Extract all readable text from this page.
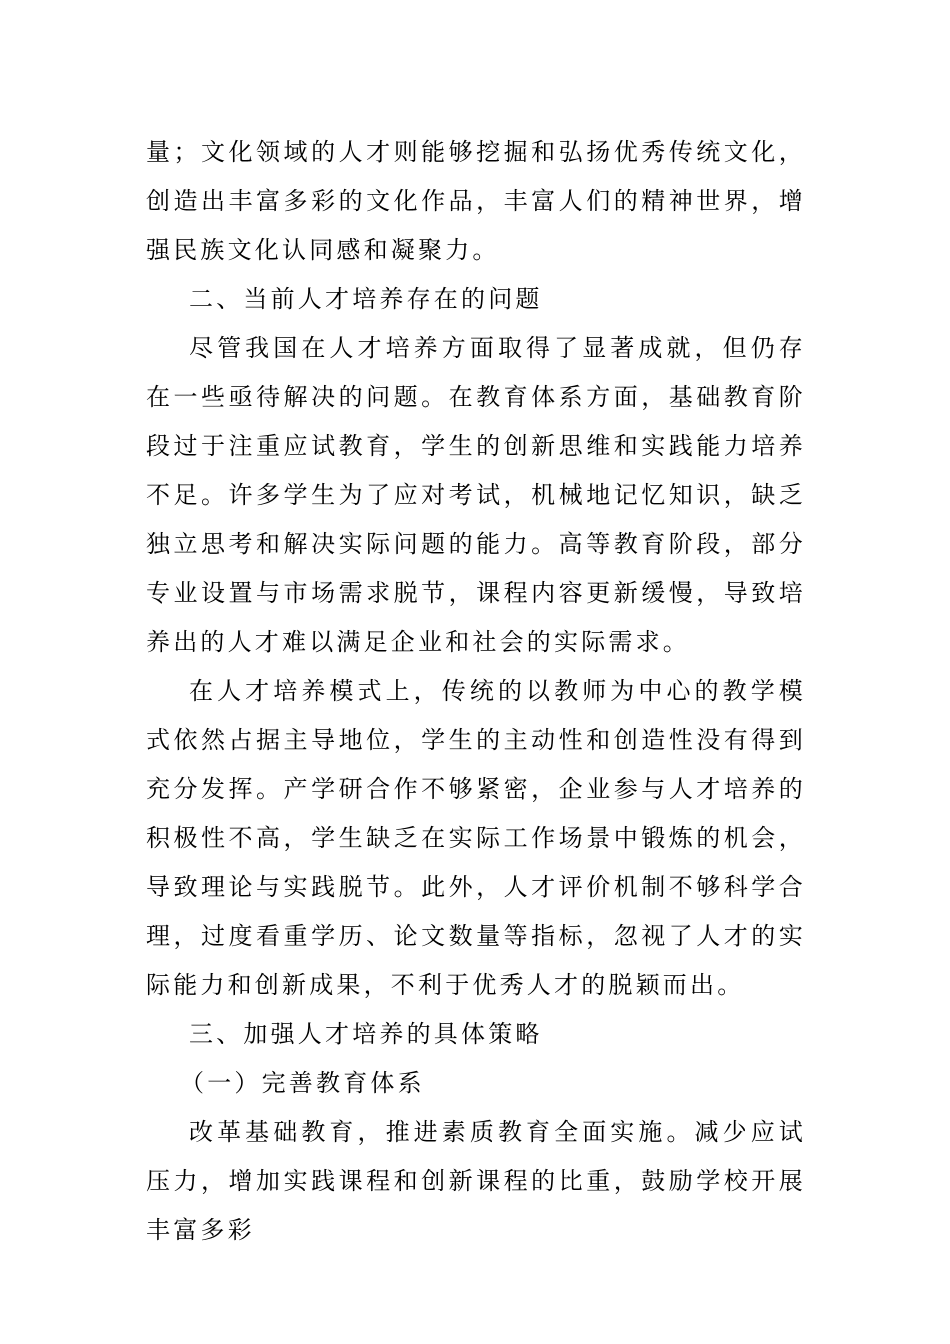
量；文化领域的人才则能够挖掘和弘扬优秀传统文化，创造出丰富多彩的文化作品，丰富人们的精神世界，增强民族文化认同感和凝聚力。

二、当前人才培养存在的问题

尽管我国在人才培养方面取得了显著成就，但仍存在一些亟待解决的问题。在教育体系方面，基础教育阶段过于注重应试教育，学生的创新思维和实践能力培养不足。许多学生为了应对考试，机械地记忆知识，缺乏独立思考和解决实际问题的能力。高等教育阶段，部分专业设置与市场需求脱节，课程内容更新缓慢，导致培养出的人才难以满足企业和社会的实际需求。

在人才培养模式上，传统的以教师为中心的教学模式依然占据主导地位，学生的主动性和创造性没有得到充分发挥。产学研合作不够紧密，企业参与人才培养的积极性不高，学生缺乏在实际工作场景中锻炼的机会，导致理论与实践脱节。此外，人才评价机制不够科学合理，过度看重学历、论文数量等指标，忽视了人才的实际能力和创新成果，不利于优秀人才的脱颖而出。

三、加强人才培养的具体策略

（一）完善教育体系

改革基础教育，推进素质教育全面实施。减少应试压力，增加实践课程和创新课程的比重，鼓励学校开展丰富多彩
